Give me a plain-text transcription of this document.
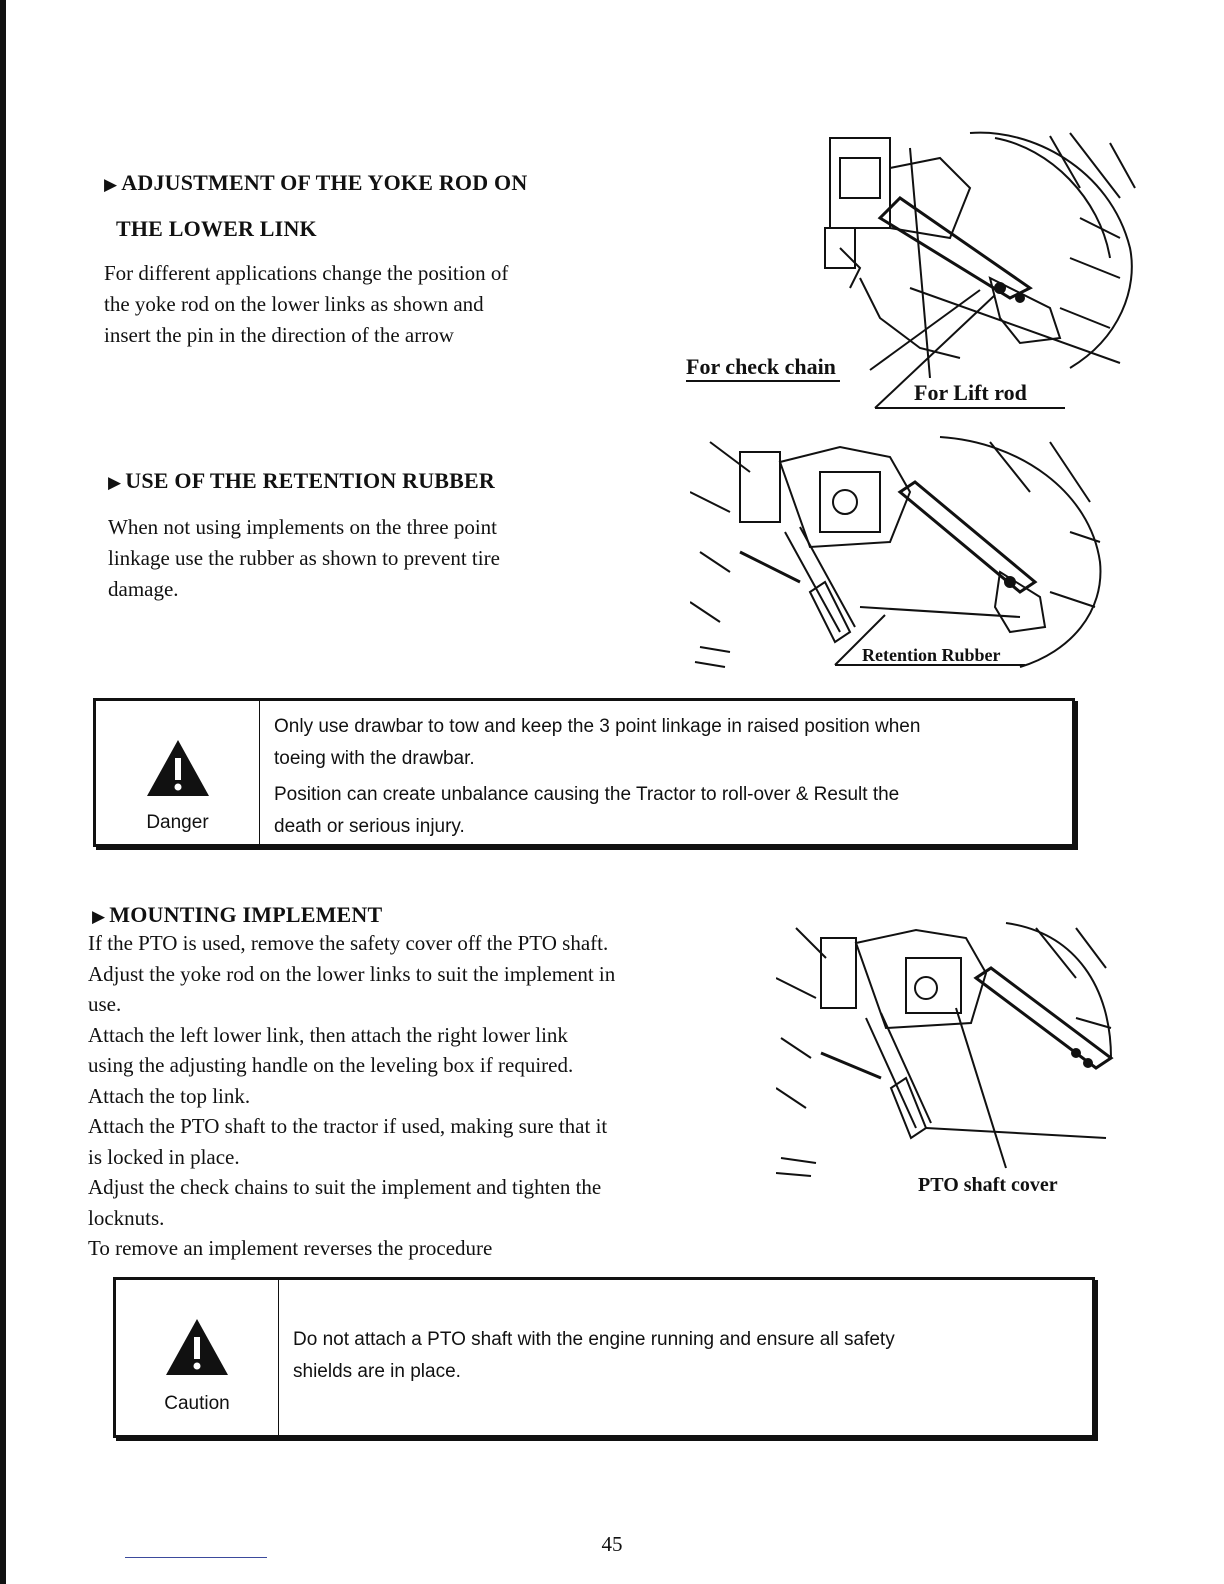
▶ ADJUSTMENT OF THE YOKE ROD ON
THE LOWER LINK
For different applications change the position of
the yoke rod on the lower links as shown and
insert the pin in the direction of the arrow
For check chain
For Lift rod
▶ USE OF THE RETENTION RUBBER
When not using implements on the three point
linkage use the rubber as shown to prevent tire
damage.
Retention Rubber
Danger
Only use drawbar to tow and keep the 3 point linkage in raised position when
toeing with the drawbar.
Position can create unbalance causing the Tractor to roll-over & Result the
death or serious injury.
▶ MOUNTING IMPLEMENT
If the PTO is used, remove the safety cover off the PTO shaft.
Adjust the yoke rod on the lower links to suit the implement in
use.
Attach the left lower link, then attach the right lower link
using the adjusting handle on the leveling box if required.
Attach the top link.
Attach the PTO shaft to the tractor if used, making sure that it
is locked in place.
Adjust the check chains to suit the implement and tighten the
locknuts.
To remove an implement reverses the procedure
PTO shaft cover
Caution
Do not attach a PTO shaft with the engine running and ensure all safety
shields are in place.
45
